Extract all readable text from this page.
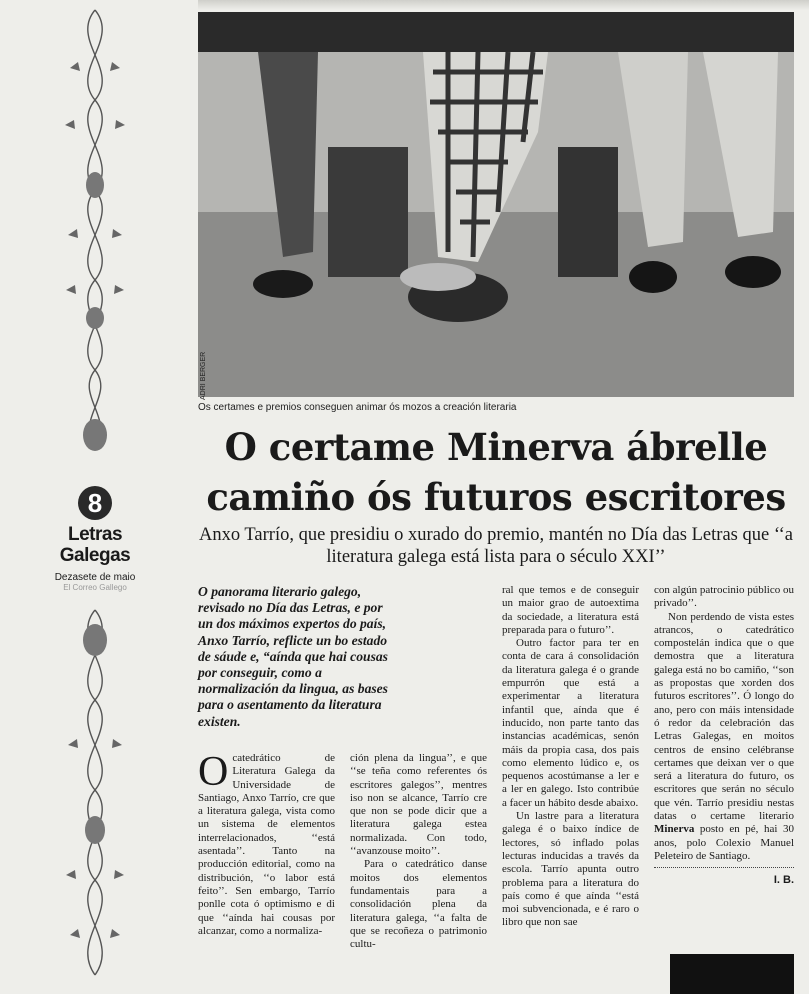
8
Letras
Galegas
Dezasete de maio
El Correo Gallego
ADRI BERGER
Os certames e premios conseguen animar ós mozos a creación literaria
O certame Minerva ábrelle
camiño ós futuros escritores
Anxo Tarrío, que presidiu o xurado do premio, mantén no Día das Letras que ‘‘a literatura galega está lista para o século XXI’’
O panorama literario galego, revisado no Día das Letras, e por un dos máximos expertos do país, Anxo Tarrío, reflicte un bo estado de sáude e, “aínda que hai cousas por conseguir, como a normalización da lingua, as bases para o asentamento da literatura existen.

Ocatedrático de Literatura Galega da Universidade de Santiago, Anxo Tarrío, cre que a literatura galega, vista como un sistema de elementos interrelacionados, ‘‘está asentada’’. Tanto na producción editorial, como na distribución, ‘‘o labor está feito’’. Sen embargo, Tarrío ponlle cota ó optimismo e di que ‘‘aínda hai cousas por alcanzar, como a normaliza-

ción plena da lingua’’, e que ‘‘se teña como referentes ós escritores galegos’’, mentres iso non se alcance, Tarrío cre que non se pode dicir que a literatura galega estea normalizada. Con todo, ‘‘avanzouse moito’’.

Para o catedrático danse moitos dos elementos fundamentais para a consolidación plena da literatura galega, ‘‘a falta de que se recoñeza o patrimonio cultu-

ral que temos e de conseguir un maior grao de autoextima da sociedade, a literatura está preparada para o futuro’’.

Outro factor para ter en conta de cara á consolidación da literatura galega é o grande empurrón que está a experimentar a literatura infantil que, aínda que é inducido, non parte tanto das instancias académicas, senón máis da propia casa, dos pais como elemento lúdico e, os pequenos acostúmanse a ler e a ler en galego. Isto contribúe a facer un hábito desde abaixo.

Un lastre para a literatura galega é o baixo índice de lectores, só inflado polas lecturas inducidas a través da escola. Tarrío apunta outro problema para a literatura do país como é que aínda ‘‘está moi subvencionada, e é raro o libro que non sae

con algún patrocinio público ou privado’’.

Non perdendo de vista estes atrancos, o catedrático compostelán indica que o que demostra que a literatura galega está no bo camiño, ‘‘son as propostas que xorden dos futuros escritores’’. Ó longo do ano, pero con máis intensidade ó redor da celebración das Letras Galegas, en moitos centros de ensino celébranse certames que deixan ver o que será a literatura do futuro, os escritores que serán no século que vén. Tarrío presidiu nestas datas o certame literario Minerva posto en pé, hai 30 anos, polo Colexio Manuel Peleteiro de Santiago.

I. B.
